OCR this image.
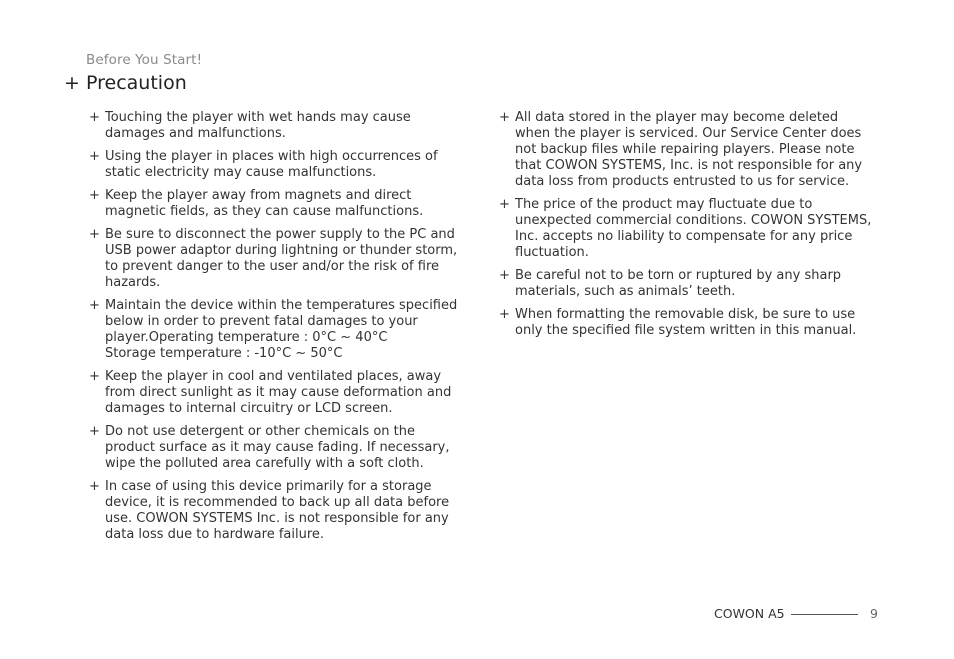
Before You Start!
+ Precaution
+ Touching the player with wet hands may cause
damages and malfunctions.
+ Using the player in places with high occurrences of
static electricity may cause malfunctions.
+ Keep the player away from magnets and direct
magnetic fields, as they can cause malfunctions.
+ Be sure to disconnect the power supply to the PC and
USB power adaptor during lightning or thunder storm,
to prevent danger to the user and/or the risk of fire
hazards.
+ Maintain the device within the temperatures specified
below in order to prevent fatal damages to your
player.Operating temperature : 0°C ~ 40°C
Storage temperature : -10°C ~ 50°C
+ Keep the player in cool and ventilated places, away
from direct sunlight as it may cause deformation and
damages to internal circuitry or LCD screen.
+ Do not use detergent or other chemicals on the
product surface as it may cause fading. If necessary,
wipe the polluted area carefully with a soft cloth.
+ In case of using this device primarily for a storage
device, it is recommended to back up all data before
use. COWON SYSTEMS Inc. is not responsible for any
data loss due to hardware failure.
+ All data stored in the player may become deleted
when the player is serviced. Our Service Center does
not backup files while repairing players. Please note
that COWON SYSTEMS, Inc. is not responsible for any
data loss from products entrusted to us for service.
+ The price of the product may fluctuate due to
unexpected commercial conditions. COWON SYSTEMS,
Inc. accepts no liability to compensate for any price
fluctuation.
+ Be careful not to be torn or ruptured by any sharp
materials, such as animals’ teeth.
+ When formatting the removable disk, be sure to use
only the specified file system written in this manual.
COWON A5	9
